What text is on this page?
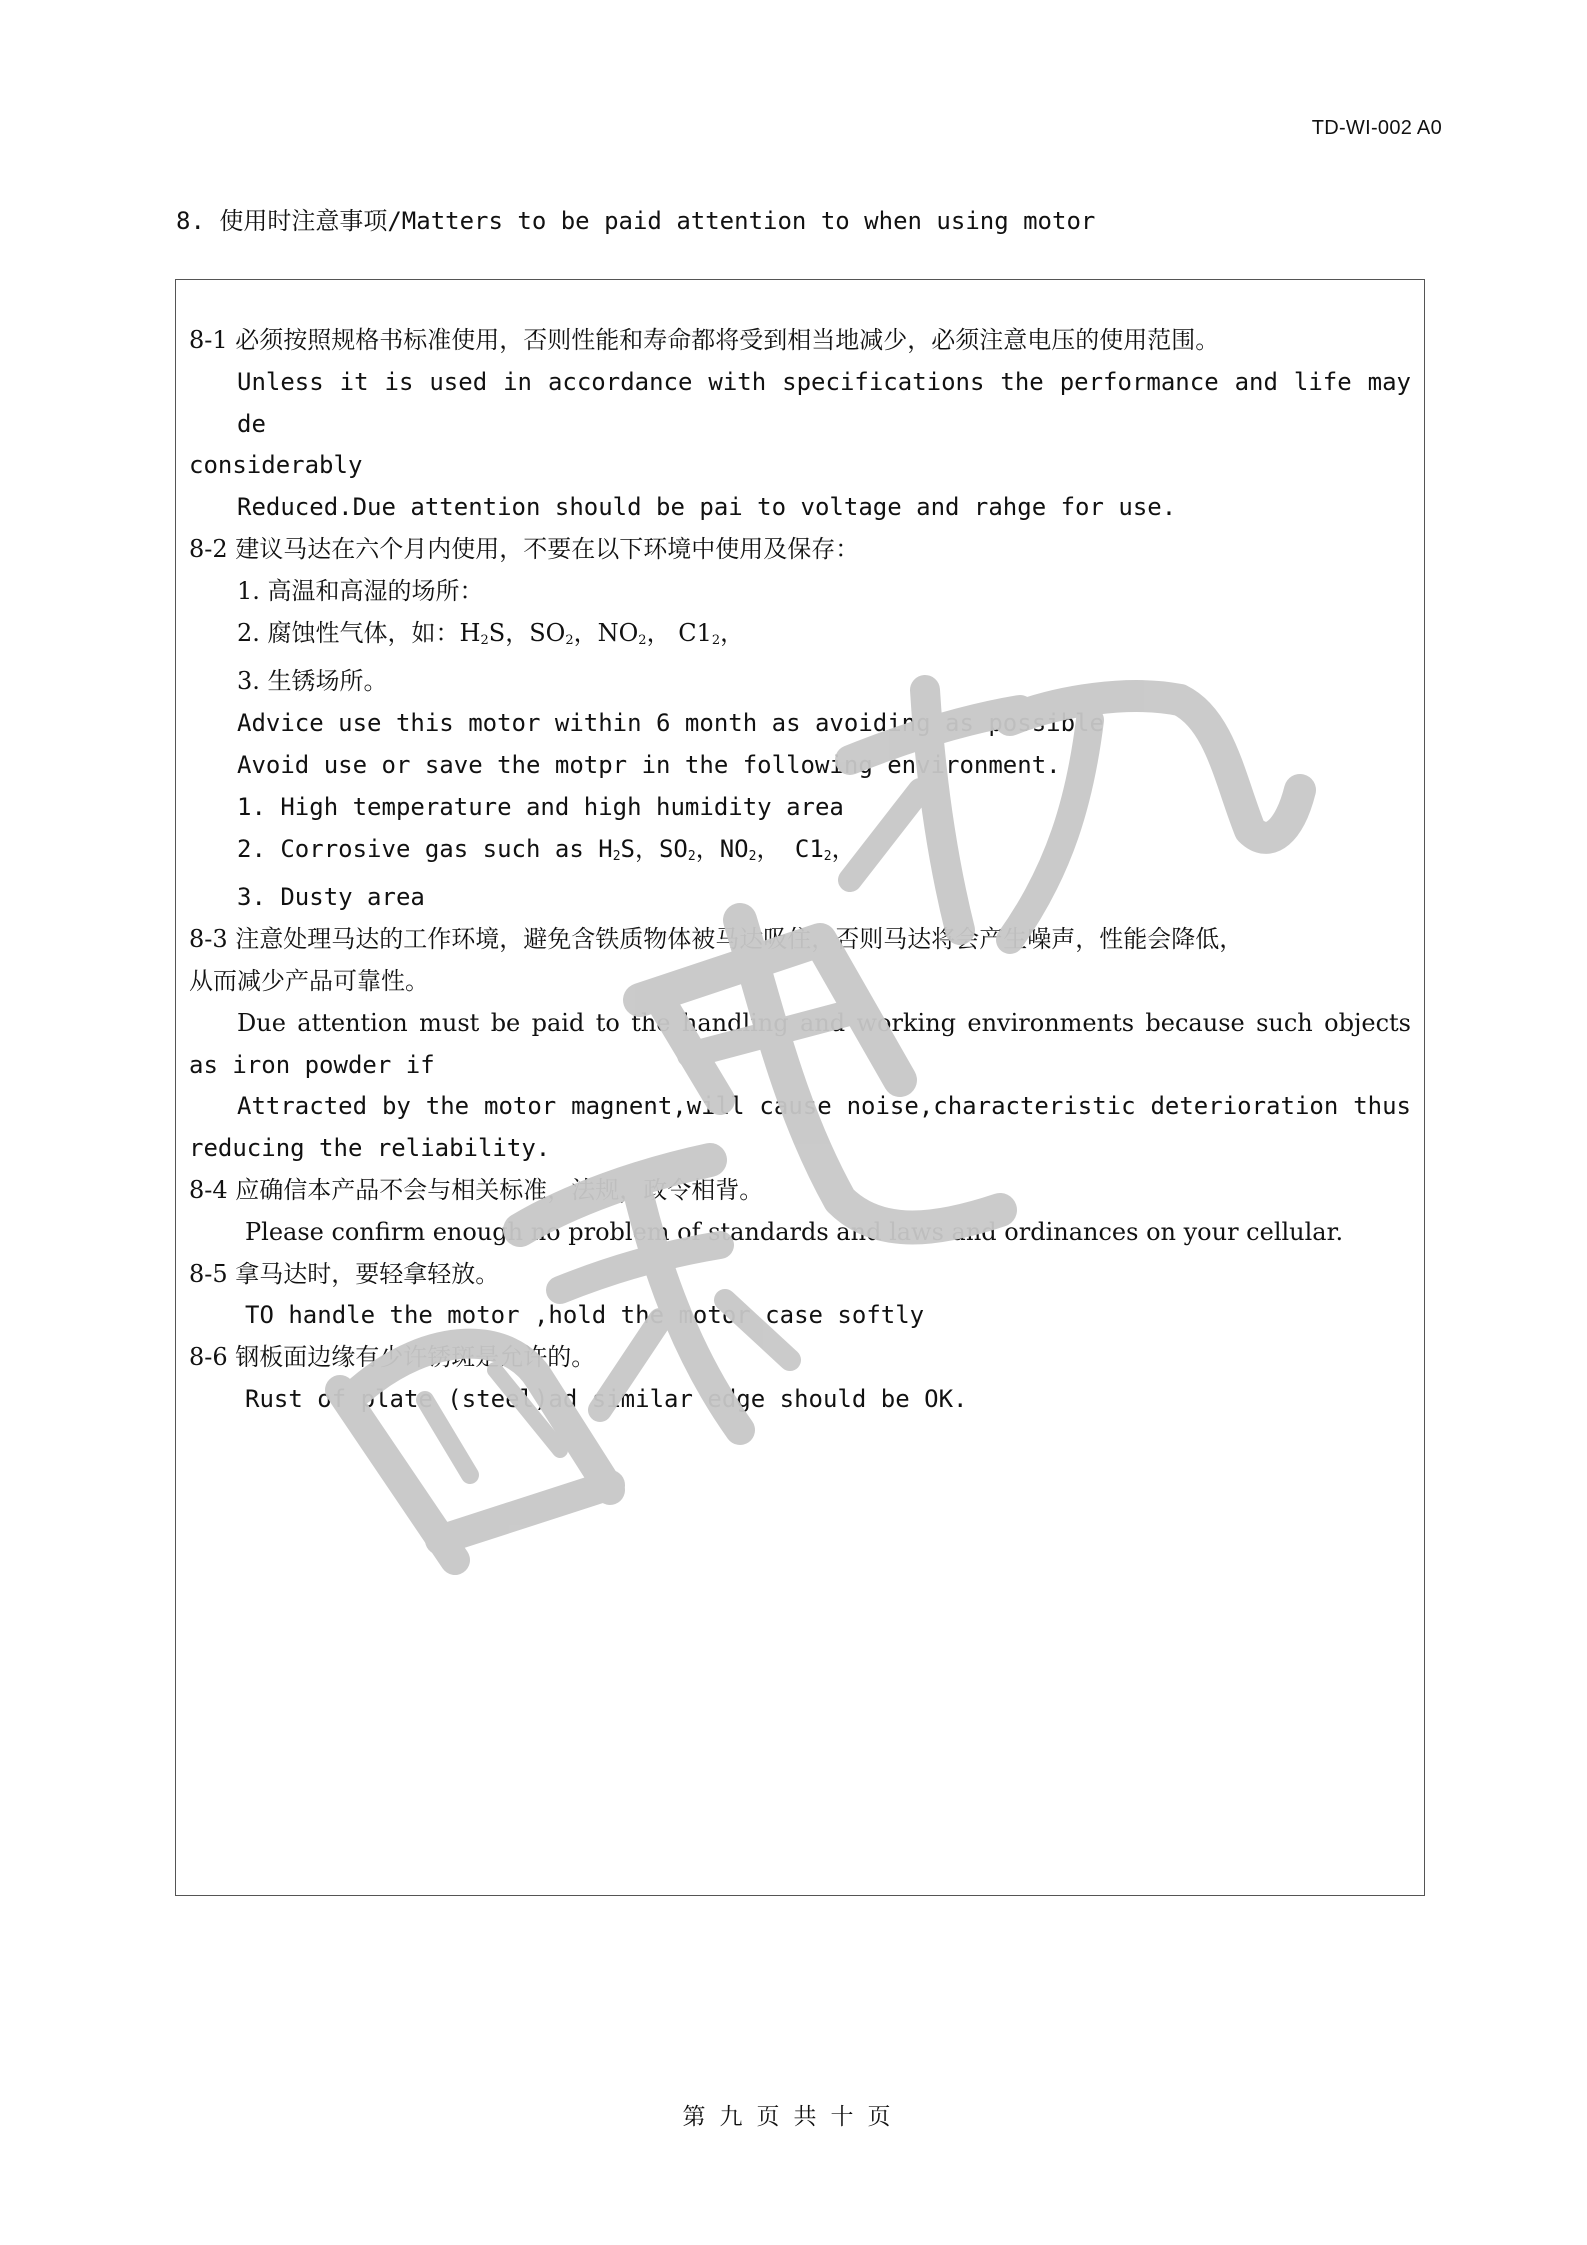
TD-WI-002 A0
8. 使用时注意事项/Matters to be paid attention to when using motor
8-1 必须按照规格书标准使用，否则性能和寿命都将受到相当地减少，必须注意电压的使用范围。
Unless it is used in accordance with specifications the performance and life may de
considerably
Reduced.Due attention should be pai to voltage and rahge for use.
8-2 建议马达在六个月内使用，不要在以下环境中使用及保存：
1. 高温和高湿的场所：
2. 腐蚀性气体，如：$H_2S$，$SO_2$，$NO_2$， $C1_2$，
3. 生锈场所。
Advice use this motor within 6 month as avoiding as possible
Avoid use or save the motpr in the following environment.
1. High temperature and high humidity area
2. Corrosive gas such as $H_2S$，$SO_2$，$NO_2$， $C1_2$，
3. Dusty area
8-3 注意处理马达的工作环境，避免含铁质物体被马达吸住，否则马达将会产生噪声，性能会降低，
从而减少产品可靠性。
Due attention must be paid to the handling and working environments because such objects
as iron powder if
Attracted by the motor magnent,will cause noise,characteristic deterioration thus
reducing the reliability.
8-4 应确信本产品不会与相关标准，法规，政令相背。
Please confirm enough no problem of standards and laws and ordinances on your cellular.
8-5 拿马达时，要轻拿轻放。
TO handle the motor ,hold the motor case softly
8-6 钢板面边缘有少许锈斑是允许的。
Rust of plate (steel)ad similar edge should be OK.
第九页共十页
